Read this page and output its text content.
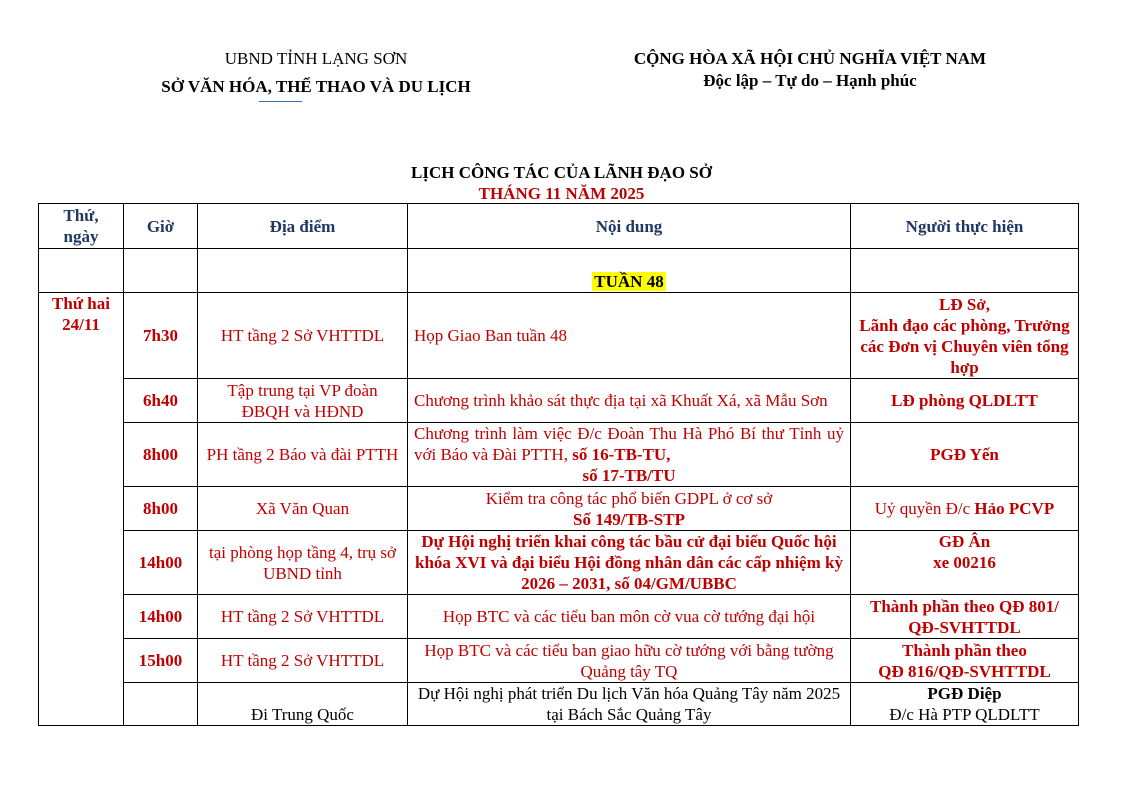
UBND TỈNH LẠNG SƠN
SỞ VĂN HÓA, THỂ THAO VÀ DU LỊCH
CỘNG HÒA XÃ HỘI CHỦ NGHĨA VIỆT NAM
Độc lập – Tự do – Hạnh phúc
LỊCH CÔNG TÁC CỦA LÃNH ĐẠO SỞ
THÁNG 11 NĂM 2025
Thứ, ngày	Giờ	Địa điểm	Nội dung	Người thực hiện
			TUẦN 48	
Thứ hai 24/11	7h30	HT tầng 2 Sở VHTTDL	Họp Giao Ban tuần 48	LĐ Sở,
Lãnh đạo các phòng, Trưởng các Đơn vị Chuyên viên tổng hợp

	6h40	Tập trung tại VP đoàn ĐBQH và HĐND	Chương trình khảo sát thực địa tại xã Khuất Xá, xã Mẫu Sơn	LĐ phòng QLDLTT
	8h00	PH tầng 2 Báo và đài PTTH	Chương trình làm việc Đ/c Đoàn Thu Hà Phó Bí thư Tỉnh uỷ với Báo và Đài PTTH, số 16-TB-TU,
số 17-TB/TU	PGĐ Yến
	8h00	Xã Văn Quan	Kiểm tra công tác phổ biến GDPL ở cơ sở
Số 149/TB-STP	Uỷ quyền Đ/c Hảo PCVP
	14h00	tại phòng họp tầng 4, trụ sở UBND tỉnh	Dự Hội nghị triển khai công tác bầu cử đại biểu Quốc hội khóa XVI và đại biểu Hội đồng nhân dân các cấp nhiệm kỳ 2026 – 2031, số 04/GM/UBBC	GĐ Ân
xe 00216

	14h00	HT tầng 2 Sở VHTTDL	Họp BTC và các tiểu ban môn cờ vua cờ tướng đại hội	Thành phần theo QĐ 801/ QĐ-SVHTTDL
	15h00	HT tầng 2 Sở VHTTDL	Họp BTC và các tiểu ban giao hữu cờ tướng với bằng tường Quảng tây TQ	Thành phần theo
QĐ 816/QĐ-SVHTTDL

		Đi Trung Quốc	Dự Hội nghị phát triển Du lịch Văn hóa Quảng Tây năm 2025 tại Bách Sắc Quảng Tây	PGĐ Diệp
Đ/c Hà PTP QLDLTT
